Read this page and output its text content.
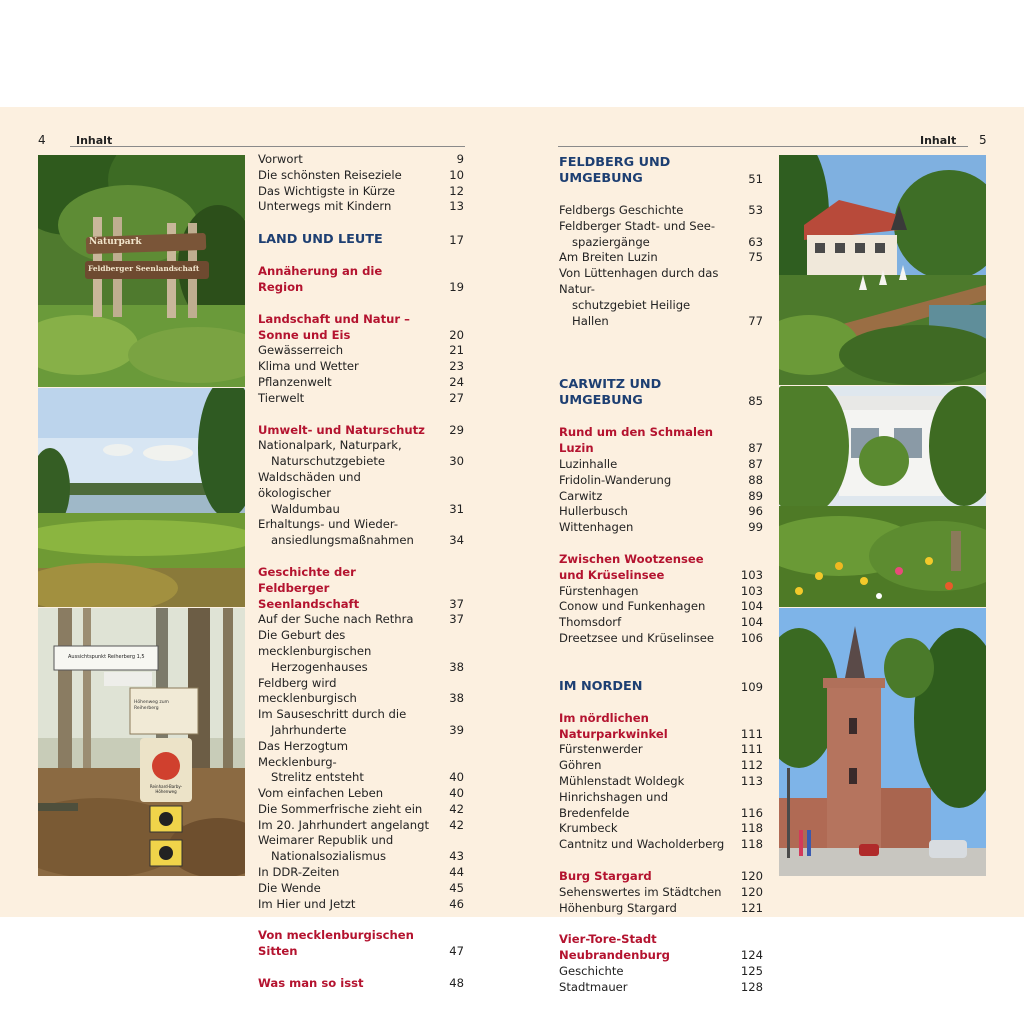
4	Inhalt
Naturpark
Feldberger Seenlandschaft
Aussichtspunkt Reiherberg 1,5
Höhenweg zum Reiherberg
Reinhard-Barby-Höhenweg
Vorwort	9
Die schönsten Reiseziele	10
Das Wichtigste in Kürze	12
Unterwegs mit Kindern	13
LAND UND LEUTE	17
Annäherung an die Region	19
Landschaft und Natur – Sonne und Eis	20
Gewässerreich	21
Klima und Wetter	23
Pflanzenwelt	24
Tierwelt	27
Umwelt- und Naturschutz	29
Nationalpark, Naturpark,
Naturschutzgebiete	30
Waldschäden und ökologischer
Waldumbau	31
Erhaltungs- und Wieder-
ansiedlungsmaßnahmen	34
Geschichte der Feldberger Seenlandschaft	37
Auf der Suche nach Rethra	37
Die Geburt des mecklenburgischen
Herzogenhauses	38
Feldberg wird mecklenburgisch	38
Im Sauseschritt durch die
Jahrhunderte	39
Das Herzogtum Mecklenburg-
Strelitz entsteht	40
Vom einfachen Leben	40
Die Sommerfrische zieht ein	42
Im 20. Jahrhundert angelangt	42
Weimarer Republik und
Nationalsozialismus	43
In DDR-Zeiten	44
Die Wende	45
Im Hier und Jetzt	46
Von mecklenburgischen Sitten	47
Was man so isst	48
Inhalt 5
FELDBERG UND UMGEBUNG	51
Feldbergs Geschichte	53
Feldberger Stadt- und See-
spaziergänge	63
Am Breiten Luzin	75
Von Lüttenhagen durch das Natur-
schutzgebiet Heilige Hallen	77
CARWITZ UND UMGEBUNG	85
Rund um den Schmalen Luzin	87
Luzinhalle	87
Fridolin-Wanderung	88
Carwitz	89
Hullerbusch	96
Wittenhagen	99
Zwischen Wootzensee und Krüselinsee	103
Fürstenhagen	103
Conow und Funkenhagen	104
Thomsdorf	104
Dreetzsee und Krüselinsee	106
IM NORDEN	109
Im nördlichen Naturparkwinkel	111
Fürstenwerder	111
Göhren	112
Mühlenstadt Woldegk	113
Hinrichshagen und Bredenfelde	116
Krumbeck	118
Cantnitz und Wacholderberg	118
Burg Stargard	120
Sehenswertes im Städtchen	120
Höhenburg Stargard	121
Vier-Tore-Stadt Neubrandenburg	124
Geschichte	125
Stadtmauer	128
